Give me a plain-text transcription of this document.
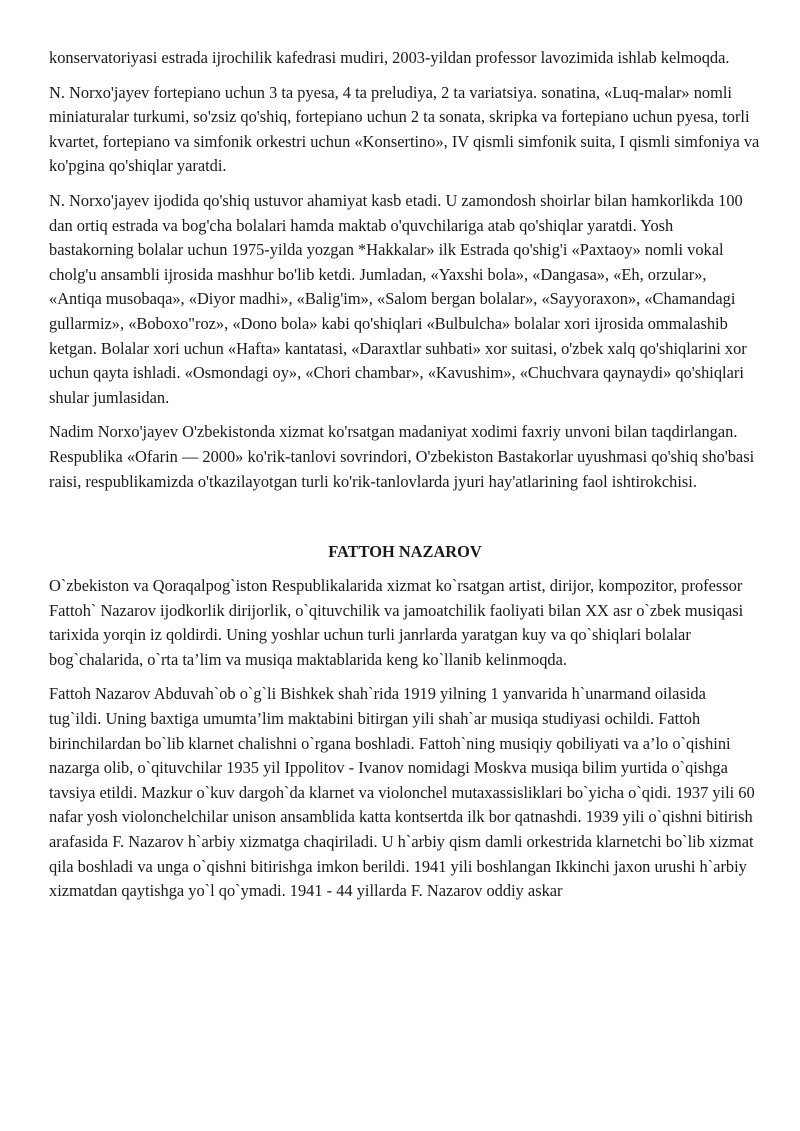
konservatoriyasi estrada ijrochilik kafedrasi mudiri, 2003-yildan professor lavozimida ishlab kelmoqda.

N. Norxo'jayev fortepiano uchun 3 ta pyesa, 4 ta preludiya, 2 ta variatsiya. sonatina, «Luq-malar» nomli miniaturalar turkumi, so'zsiz qo'shiq, fortepiano uchun 2 ta sonata, skripka va fortepiano uchun pyesa, torli kvartet, fortepiano va simfonik orkestri uchun «Konsertino», IV qismli simfonik suita, I qismli simfoniya va ko'pgina qo'shiqlar yaratdi.

N. Norxo'jayev ijodida qo'shiq ustuvor ahamiyat kasb etadi. U zamondosh shoirlar bilan hamkorlikda 100 dan ortiq estrada va bog'cha bolalari hamda maktab o'quvchilariga atab qo'shiqlar yaratdi. Yosh bastakorning bolalar uchun 1975-yilda yozgan *Hakkalar» ilk Estrada qo'shig'i «Paxtaoy» nomli vokal cholg'u ansambli ijrosida mashhur bo'lib ketdi. Jumladan, «Yaxshi bola», «Dangasa», «Eh, orzular», «Antiqa musobaqa», «Diyor madhi», «Balig'im», «Salom bergan bolalar», «Sayyoraxon», «Chamandagi gullarmiz», «Boboxo"roz», «Dono bola» kabi qo'shiqlari «Bulbulcha» bolalar xori ijrosida ommalashib ketgan. Bolalar xori uchun «Hafta» kantatasi, «Daraxtlar suhbati» xor suitasi, o'zbek xalq qo'shiqlarini xor uchun qayta ishladi. «Osmondagi oy», «Chori chambar», «Kavushim», «Chuchvara qaynaydi» qo'shiqlari shular jumlasidan.

Nadim Norxo'jayev O'zbekistonda xizmat ko'rsatgan madaniyat xodimi faxriy unvoni bilan taqdirlangan. Respublika «Ofarin — 2000» ko'rik-tanlovi sovrindori, O'zbekiston Bastakorlar uyushmasi qo'shiq sho'basi raisi, respublikamizda o'tkazilayotgan turli ko'rik-tanlovlarda jyuri hay'atlarining faol ishtirokchisi.

FATTOH NAZAROV

O`zbekiston va Qoraqalpog`iston Respublikalarida xizmat ko`rsatgan artist, dirijor, kompozitor, professor Fattoh` Nazarov ijodkorlik dirijorlik, o`qituvchilik va jamoatchilik faoliyati bilan XX asr o`zbek musiqasi tarixida yorqin iz qoldirdi. Uning yoshlar uchun turli janrlarda yaratgan kuy va qo`shiqlari bolalar bog`chalarida, o`rta ta’lim va musiqa maktablarida keng ko`llanib kelinmoqda.

Fattoh Nazarov Abduvah`ob o`g`li Bishkek shah`rida 1919 yilning 1 yanvarida h`unarmand oilasida tug`ildi. Uning baxtiga umumta’lim maktabini bitirgan yili shah`ar musiqa studiyasi ochildi. Fattoh birinchilardan bo`lib klarnet chalishni o`rgana boshladi. Fattoh`ning musiqiy qobiliyati va a’lo o`qishini nazarga olib, o`qituvchilar 1935 yil Ippolitov - Ivanov nomidagi Moskva musiqa bilim yurtida o`qishga tavsiya etildi. Mazkur o`kuv dargoh`da klarnet va violonchel mutaxassisliklari bo`yicha o`qidi. 1937 yili 60 nafar yosh violonchelchilar unison ansamblida katta kontsertda ilk bor qatnashdi. 1939 yili o`qishni bitirish arafasida F. Nazarov h`arbiy xizmatga chaqiriladi. U h`arbiy qism damli orkestrida klarnetchi bo`lib xizmat qila boshladi va unga o`qishni bitirishga imkon berildi. 1941 yili boshlangan Ikkinchi jaxon urushi h`arbiy xizmatdan qaytishga yo`l qo`ymadi. 1941 - 44 yillarda F. Nazarov oddiy askar
